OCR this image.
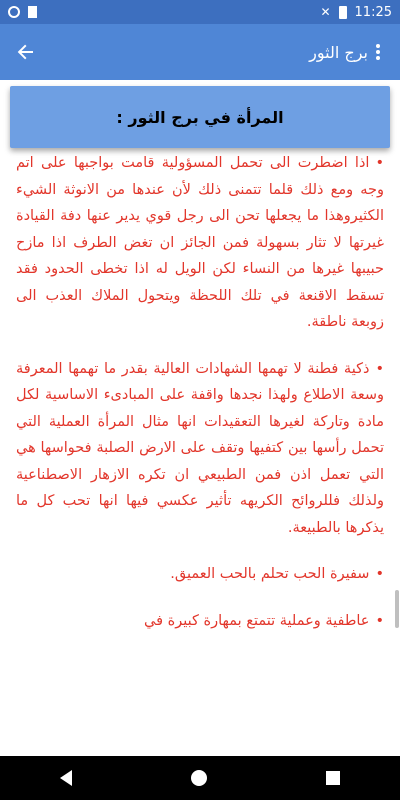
✕ 11:25
برج الثور
المرأة في برج الثور :

•اذا اضطرت الى تحمل المسؤولية قامت بواجبها على اتم وجه ومع ذلك قلما تتمنى ذلك لأن عندها من الانوثة الشيء الكثيروهذا ما يجعلها تحن الى رجل قوي يدير عنها دفة القيادة غيرتها لا تثار بسهولة فمن الجائز ان تغض الطرف اذا مازح حبيبها غيرها من النساء لكن الويل له اذا تخطى الحدود فقد تسقط الاقنعة في تلك اللحظة ويتحول الملاك العذب الى زوبعة ناطقة.

•ذكية فطنة لا تهمها الشهادات العالية بقدر ما تهمها المعرفة وسعة الاطلاع ولهذا نجدها واقفة على المبادىء الاساسية لكل مادة وتاركة لغيرها التعقيدات انها مثال المرأة العملية التي تحمل رأسها بين كتفيها وتقف على الارض الصلبة فحواسها هي التي تعمل اذن فمن الطبيعي ان تكره الازهار الاصطناعية ولذلك فللروائح الكريهه تأثير عكسي فيها انها تحب كل ما يذكرها بالطبيعة.

•سفيرة الحب تحلم بالحب العميق.

•عاطفية وعملية تتمتع بمهارة كبيرة في
